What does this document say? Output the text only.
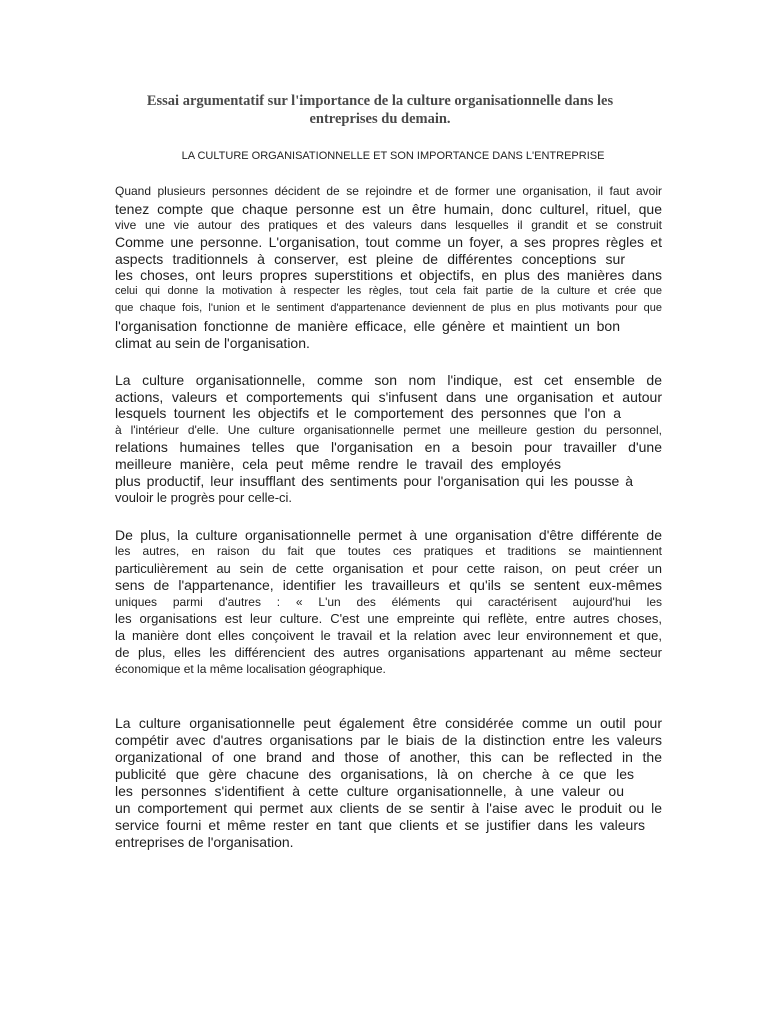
Essai argumentatif sur l'importance de la culture organisationnelle dans les
entreprises du demain.
LA CULTURE ORGANISATIONNELLE ET SON IMPORTANCE DANS L'ENTREPRISE
Quand plusieurs personnes décident de se rejoindre et de former une organisation, il faut avoir
tenez compte que chaque personne est un être humain, donc culturel, rituel, que
vive une vie autour des pratiques et des valeurs dans lesquelles il grandit et se construit
Comme une personne. L'organisation, tout comme un foyer, a ses propres règles et
aspects traditionnels à conserver, est pleine de différentes conceptions sur
les choses, ont leurs propres superstitions et objectifs, en plus des manières dans
celui qui donne la motivation à respecter les règles, tout cela fait partie de la culture et crée que
que chaque fois, l'union et le sentiment d'appartenance deviennent de plus en plus motivants pour que
l'organisation fonctionne de manière efficace, elle génère et maintient un bon
climat au sein de l'organisation.
La culture organisationnelle, comme son nom l'indique, est cet ensemble de
actions, valeurs et comportements qui s'infusent dans une organisation et autour
lesquels tournent les objectifs et le comportement des personnes que l'on a
à l'intérieur d'elle. Une culture organisationnelle permet une meilleure gestion du personnel,
relations humaines telles que l'organisation en a besoin pour travailler d'une
meilleure manière, cela peut même rendre le travail des employés
plus productif, leur insufflant des sentiments pour l'organisation qui les pousse à
vouloir le progrès pour celle-ci.
De plus, la culture organisationnelle permet à une organisation d'être différente de
les autres, en raison du fait que toutes ces pratiques et traditions se maintiennent
particulièrement au sein de cette organisation et pour cette raison, on peut créer un
sens de l'appartenance, identifier les travailleurs et qu'ils se sentent eux-mêmes
uniques parmi d'autres : « L'un des éléments qui caractérisent aujourd'hui les
les organisations est leur culture. C'est une empreinte qui reflète, entre autres choses,
la manière dont elles conçoivent le travail et la relation avec leur environnement et que,
de plus, elles les différencient des autres organisations appartenant au même secteur
économique et la même localisation géographique.
La culture organisationnelle peut également être considérée comme un outil pour
compétir avec d'autres organisations par le biais de la distinction entre les valeurs
organizational of one brand and those of another, this can be reflected in the
publicité que gère chacune des organisations, là on cherche à ce que les
les personnes s'identifient à cette culture organisationnelle, à une valeur ou
un comportement qui permet aux clients de se sentir à l'aise avec le produit ou le
service fourni et même rester en tant que clients et se justifier dans les valeurs
entreprises de l'organisation.
